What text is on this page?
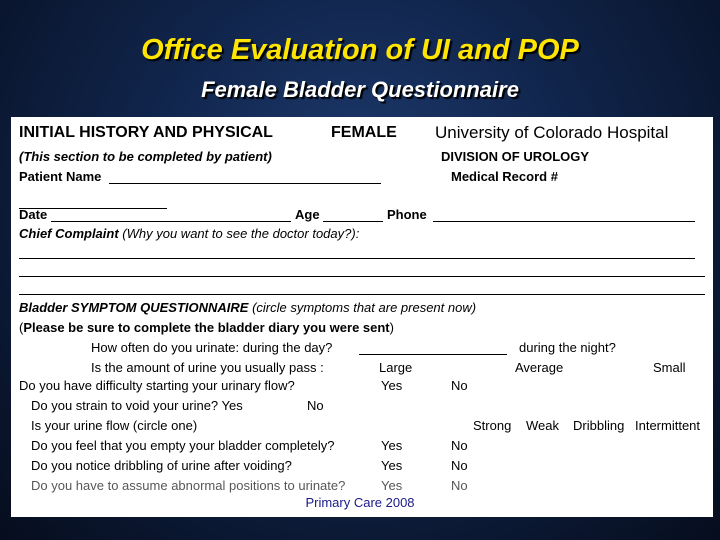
Office Evaluation of UI and POP
Female Bladder Questionnaire
INITIAL HISTORY AND PHYSICAL	FEMALE University of Colorado Hospital
(This section to be completed by patient)	DIVISION OF UROLOGY
Patient Name	Medical Record #
Date	Age	Phone
Chief Complaint (Why you want to see the doctor today?):
Bladder SYMPTOM QUESTIONNAIRE (circle symptoms that are present now)
(Please be sure to complete the bladder diary you were sent)
How often do you urinate: during the day?	during the night?
Is the amount of urine you usually pass :	Large	Average	Small
Do you have difficulty starting your urinary flow?	Yes	No
Do you strain to void your urine? Yes	No
Is your urine flow (circle one)	Strong Weak Dribbling Intermittent
Do you feel that you empty your bladder completely?	Yes	No
Do you notice dribbling of urine after voiding?	Yes	No
Do you have to assume abnormal positions to urinate?	Yes	No
Primary Care 2008
